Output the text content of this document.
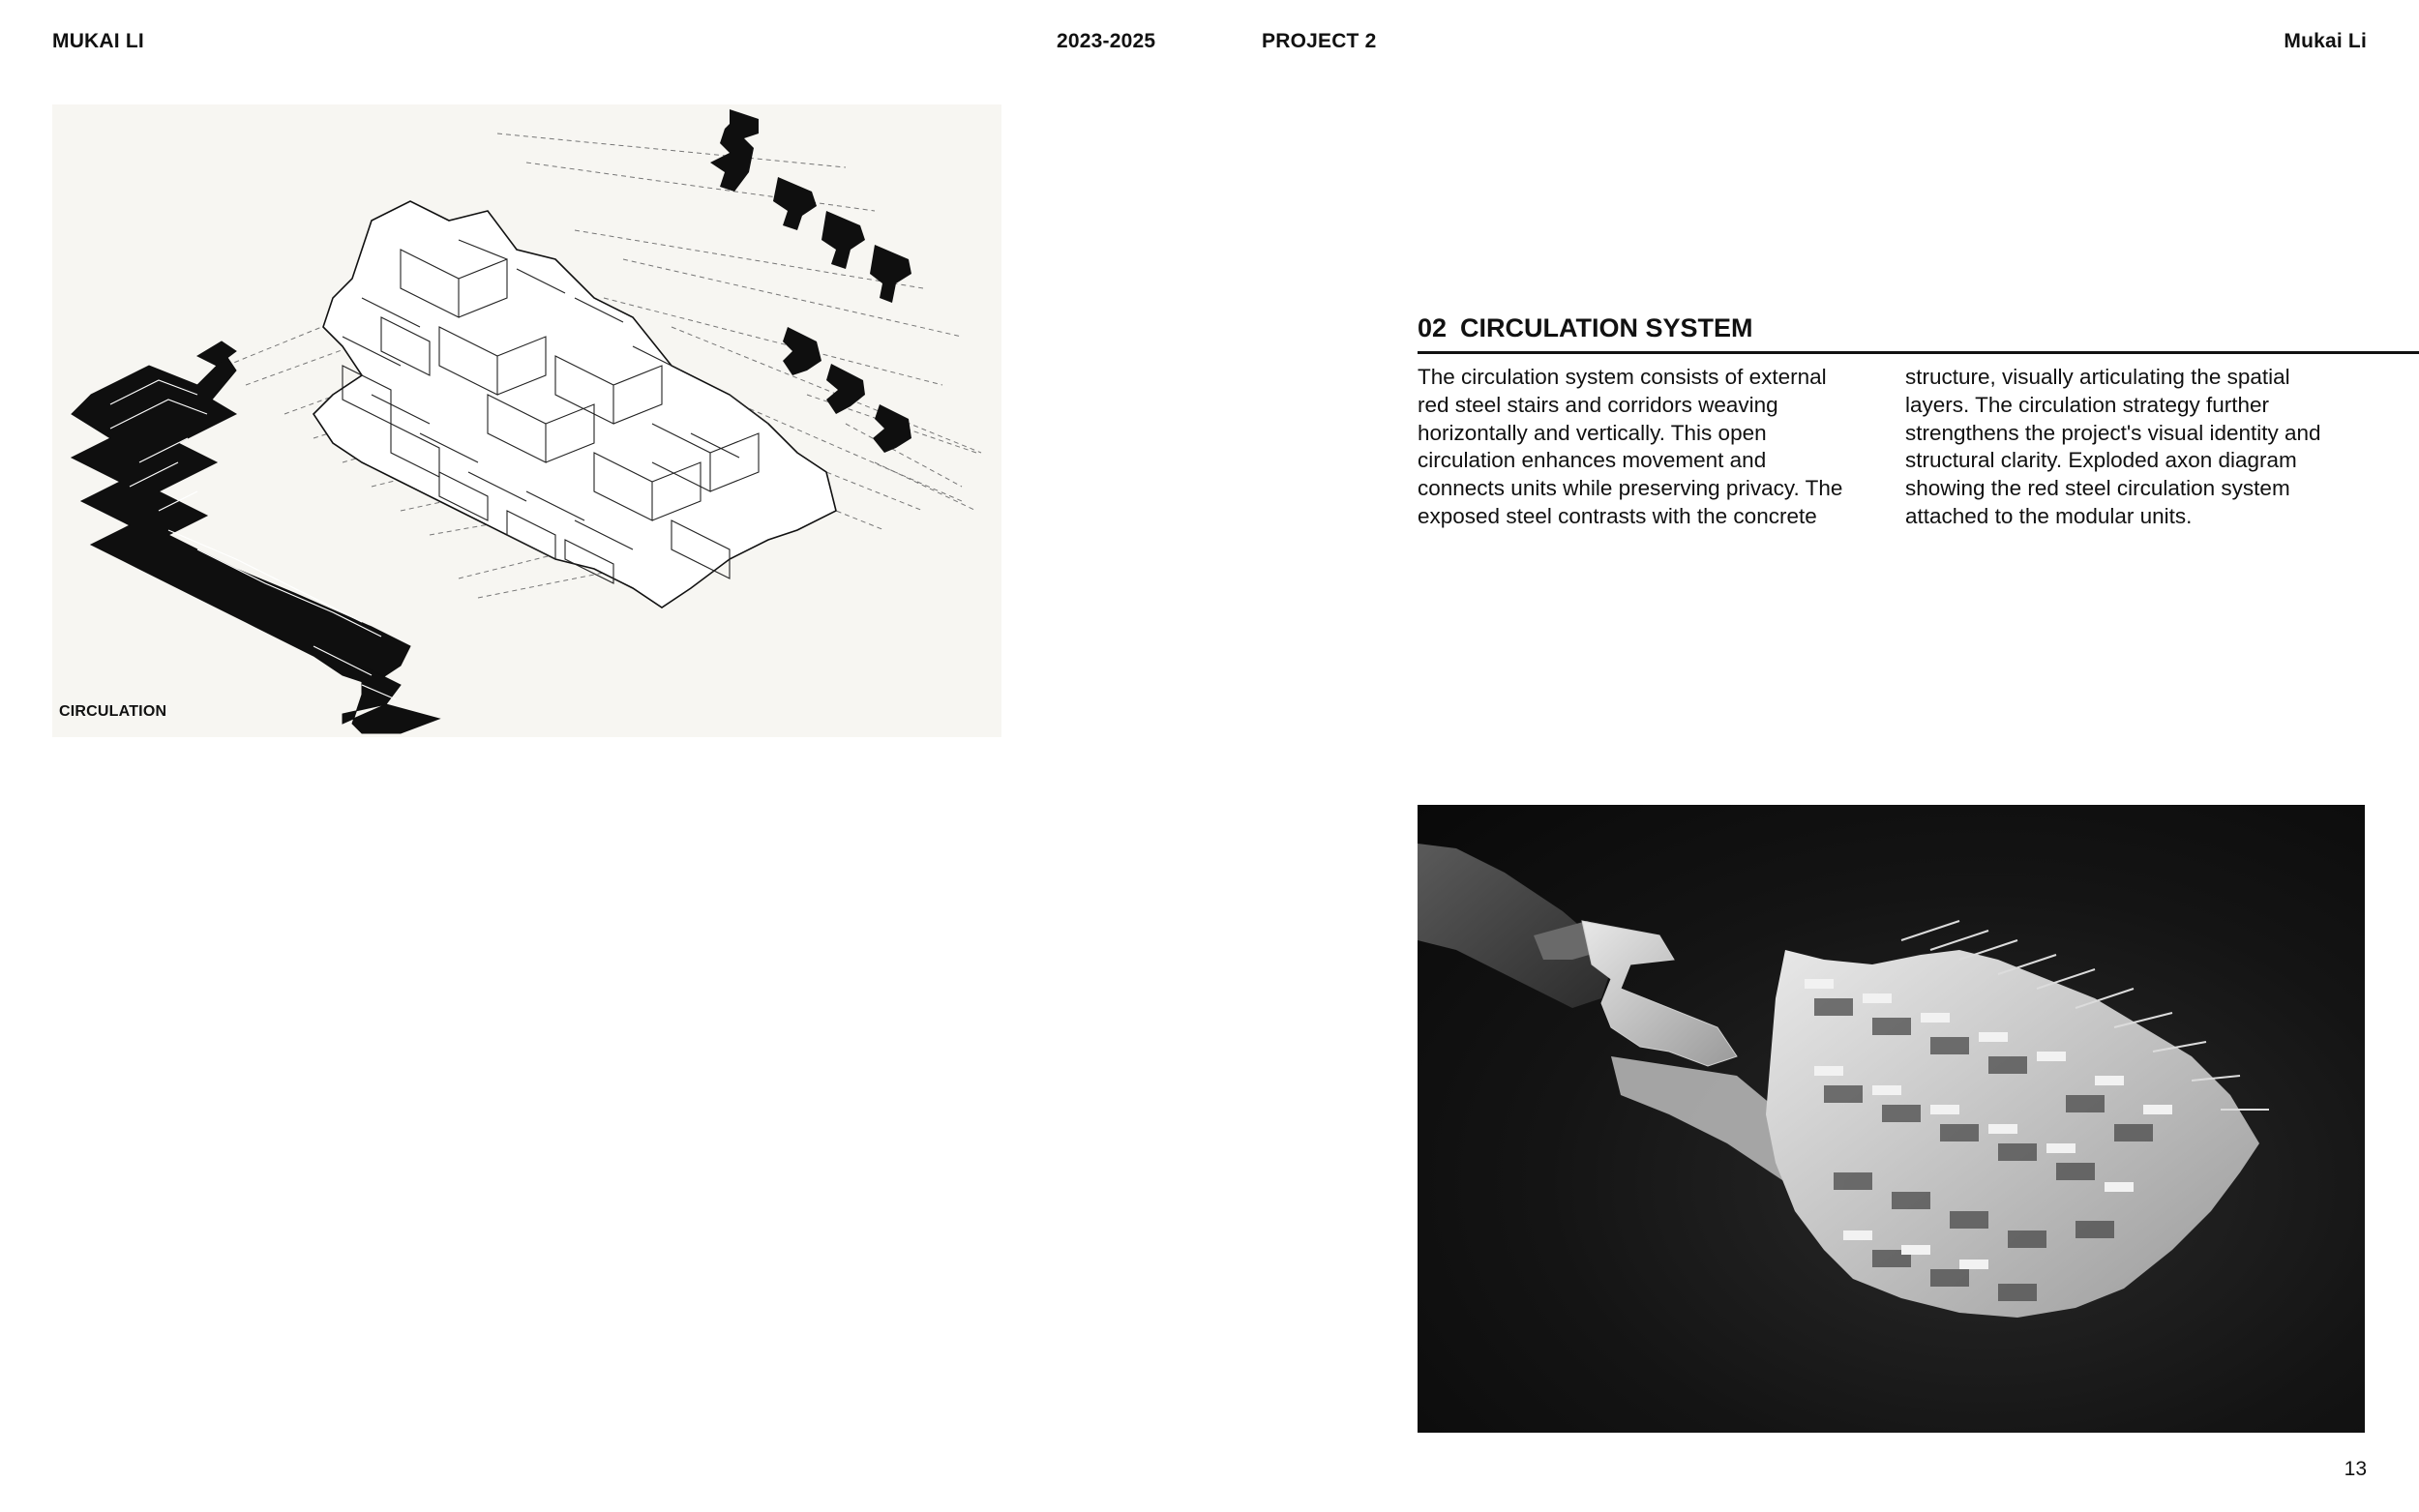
MUKAI LI	2023-2025	PROJECT 2	Mukai Li
CIRCULATION
02 CIRCULATION SYSTEM
The circulation system consists of external
red steel stairs and corridors weaving
horizontally and vertically. This open
circulation enhances movement and
connects units while preserving privacy. The
exposed steel contrasts with the concrete
structure, visually articulating the spatial
layers. The circulation strategy further
strengthens the project's visual identity and
structural clarity. Exploded axon diagram
showing the red steel circulation system
attached to the modular units.
13
